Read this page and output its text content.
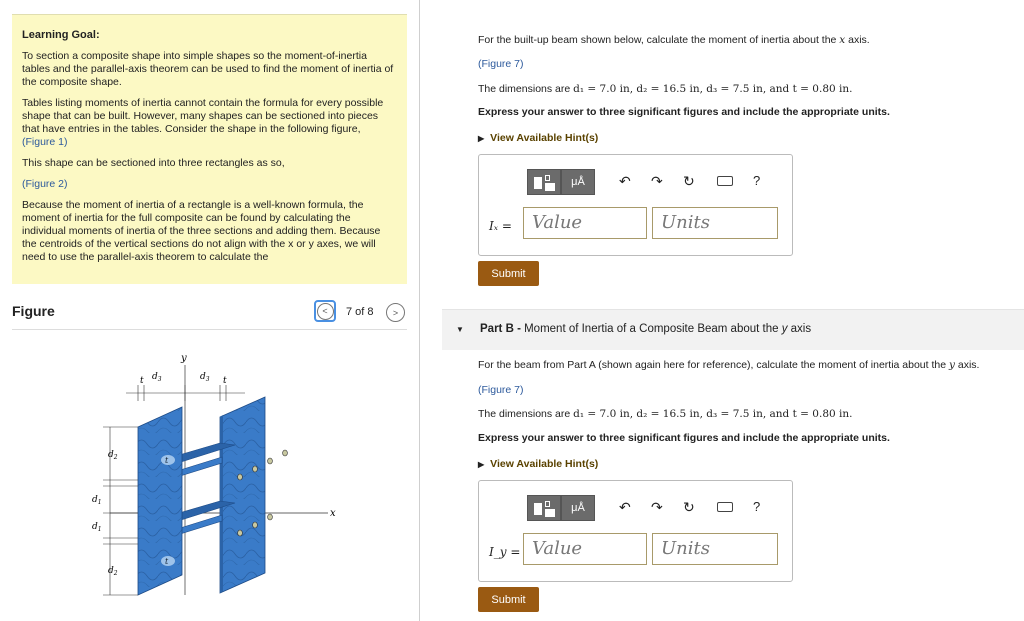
Learning Goal:

To section a composite shape into simple shapes so the moment-of-inertia tables and the parallel-axis theorem can be used to find the moment of inertia of the composite shape.

Tables listing moments of inertia cannot contain the formula for every possible shape that can be built. However, many shapes can be sectioned into pieces that have entries in the tables. Consider the shape in the following figure,
(Figure 1)

This shape can be sectioned into three rectangles as so,

(Figure 2)

Because the moment of inertia of a rectangle is a well-known formula, the moment of inertia for the full composite can be found by calculating the individual moments of inertia of the three sections and adding them. Because the centroids of the vertical sections do not align with the x or y axes, we will need to use the parallel-axis theorem to calculate the

Figure	<	7 of 8	>
y
x
t
t
t $d_3$	$d_3$ t
$d_2$
$d_1$
$d_1$
$d_2$
For the built-up beam shown below, calculate the moment of inertia about the x axis.
(Figure 7)
The dimensions are d₁ = 7.0 in, d₂ = 16.5 in, d₃ = 7.5 in, and t = 0.80 in.
Express your answer to three significant figures and include the appropriate units.
▶ View Available Hint(s)
μÅ	↶ ↷ ↻	?
Iₓ =	Value	Units
Submit
▼ Part B - Moment of Inertia of a Composite Beam about the y axis
For the beam from Part A (shown again here for reference), calculate the moment of inertia about the y axis.
(Figure 7)
The dimensions are d₁ = 7.0 in, d₂ = 16.5 in, d₃ = 7.5 in, and t = 0.80 in.
Express your answer to three significant figures and include the appropriate units.
▶ View Available Hint(s)
μÅ	↶ ↷ ↻	?
I_y = Value	Units
Submit
